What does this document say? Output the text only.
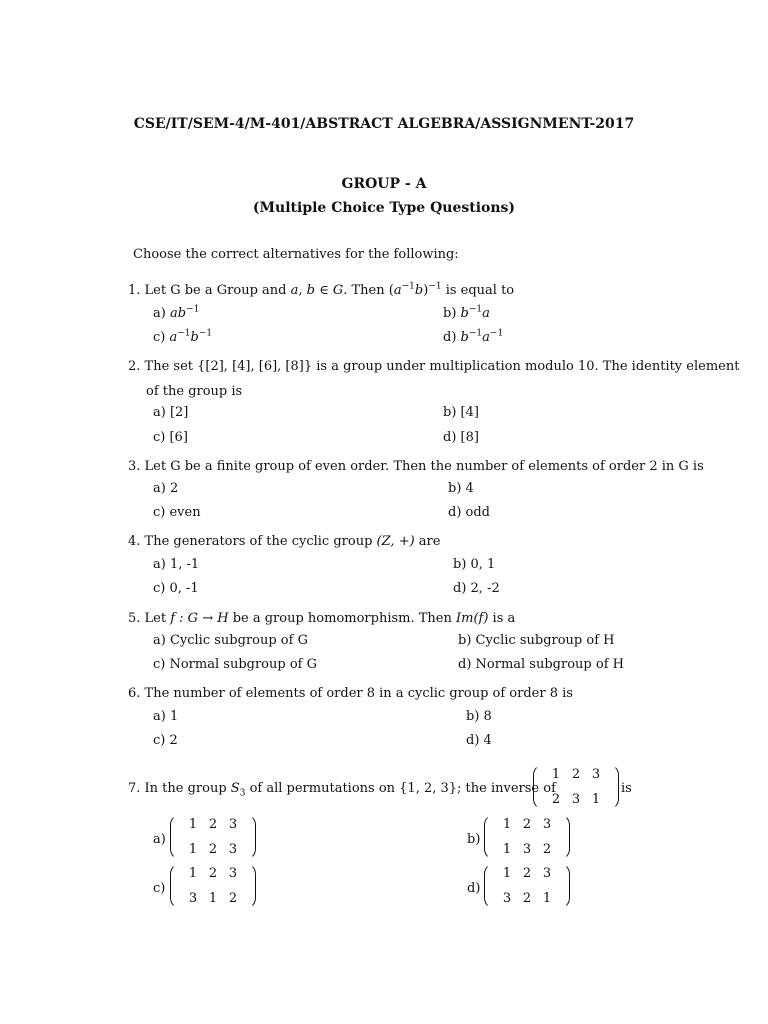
CSE/IT/SEM-4/M-401/ABSTRACT ALGEBRA/ASSIGNMENT-2017
GROUP - A
(Multiple Choice Type Questions)
Choose the correct alternatives for the following:
1. Let G be a Group and a, b ∈ G. Then $(a^{-1}b)^{-1}$ is equal to
a) $ab^{-1}$	b) $b^{-1}a$
c) $a^{-1}b^{-1}$	d) $b^{-1}a^{-1}$
2. The set {[2], [4], [6], [8]} is a group under multiplication modulo 10. The identity element
of the group is
a) [2]	b) [4]
c) [6]	d) [8]
3. Let G be a finite group of even order. Then the number of elements of order 2 in G is
a) 2	b) 4
c) even	d) odd
4. The generators of the cyclic group (Z, +) are
a) 1, -1	b) 0, 1
c) 0, -1	d) 2, -2
5. Let f : G → H be a group homomorphism. Then Im(f) is a
a) Cyclic subgroup of G	b) Cyclic subgroup of H
c) Normal subgroup of G	d) Normal subgroup of H
6. The number of elements of order 8 in a cyclic group of order 8 is
a) 1	b) 8
c) 2	d) 4
7. In the group $S_3$ of all permutations on {1, 2, 3}; the inverse of
1 2 3
2 3 1
is
a)
1 2 3
1 2 3
b)
1 2 3
1 3 2
c)
1 2 3
3 1 2
d)
1 2 3
3 2 1
